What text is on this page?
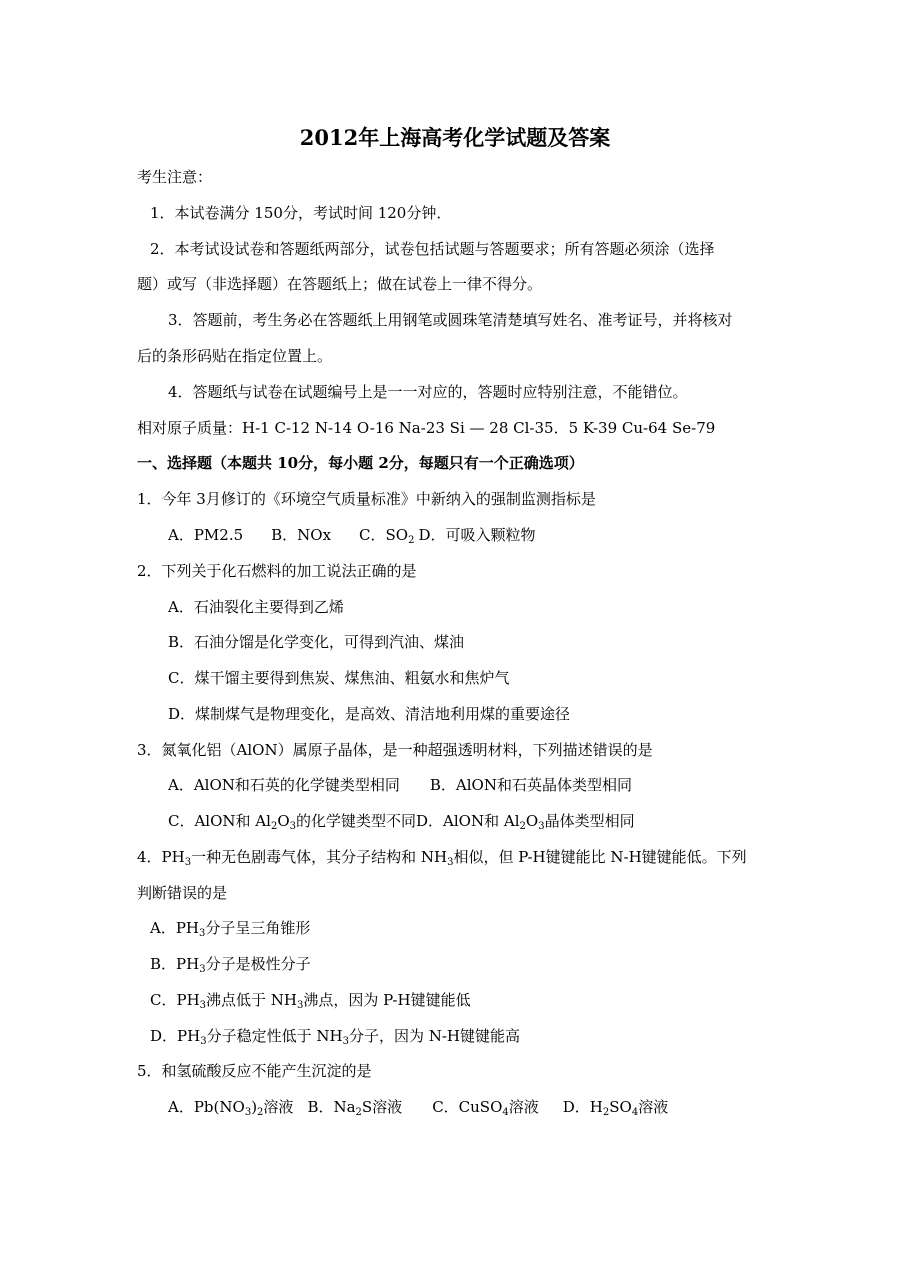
2012年上海高考化学试题及答案
考生注意：
1．本试卷满分 150分，考试时间 120分钟．
2．本考试设试卷和答题纸两部分，试卷包括试题与答题要求；所有答题必须涂（选择
题）或写（非选择题）在答题纸上；做在试卷上一律不得分。
3．答题前，考生务必在答题纸上用钢笔或圆珠笔清楚填写姓名、准考证号，并将核对
后的条形码贴在指定位置上。
4．答题纸与试卷在试题编号上是一一对应的，答题时应特别注意，不能错位。
相对原子质量：H-1 C-12 N-14 O-16 Na-23 Si — 28 Cl-35．5 K-39 Cu-64 Se-79
一、选择题（本题共 10分，每小题 2分，每题只有一个正确选项）
1．今年 3月修订的《环境空气质量标准》中新纳入的强制监测指标是
A．PM2.5 B．NOx C．$SO_2$ D．可吸入颗粒物
2．下列关于化石燃料的加工说法正确的是
A．石油裂化主要得到乙烯
B．石油分馏是化学变化，可得到汽油、煤油
C．煤干馏主要得到焦炭、煤焦油、粗氨水和焦炉气
D．煤制煤气是物理变化，是高效、清洁地利用煤的重要途径
3．氮氧化铝（AlON）属原子晶体，是一种超强透明材料，下列描述错误的是
A．AlON和石英的化学键类型相同 B．AlON和石英晶体类型相同
C．AlON和 $Al_2O_3$的化学键类型不同D．AlON和 $Al_2O_3$晶体类型相同
4．$PH_3$一种无色剧毒气体，其分子结构和 $NH_3$相似，但 P-H键键能比 N-H键键能低。下列
判断错误的是
A．$PH_3$分子呈三角锥形
B．$PH_3$分子是极性分子
C．$PH_3$沸点低于 $NH_3$沸点，因为 P-H键键能低
D．$PH_3$分子稳定性低于 $NH_3$分子，因为 N-H键键能高
5．和氢硫酸反应不能产生沉淀的是
A．$Pb(NO_3)_2$溶液 B．$Na_2S$溶液 C．CuSO$_4$溶液 D．$H_2SO_4$溶液
